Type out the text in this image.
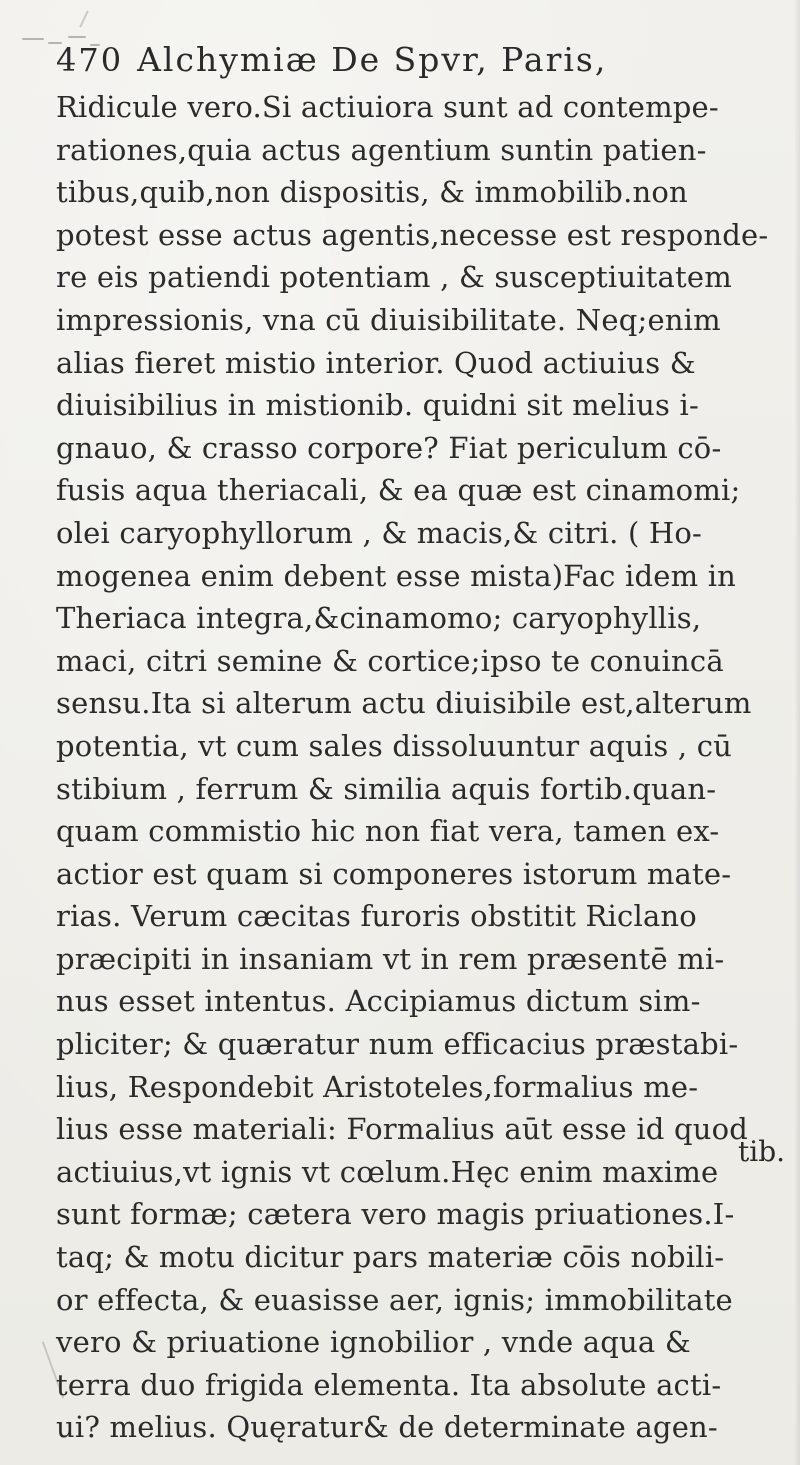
470 Alchymiæ De Spvr, Paris,
Ridicule vero.Si actiuiora sunt ad contempe-
rationes,quia actus agentium suntin patien-
tibus,quib,non dispositis, & immobilib.non
potest esse actus agentis,necesse est responde-
re eis patiendi potentiam , & susceptiuitatem
impressionis, vna cū diuisibilitate. Neq;enim
alias fieret mistio interior. Quod actiuius &
diuisibilius in mistionib. quidni sit melius i-
gnauo, & crasso corpore? Fiat periculum cō-
fusis aqua theriacali, & ea quæ est cinamomi;
olei caryophyllorum , & macis,& citri. ( Ho-
mogenea enim debent esse mista)Fac idem in
Theriaca integra,&cinamomo; caryophyllis,
maci, citri semine & cortice;ipso te conuincā
sensu.Ita si alterum actu diuisibile est,alterum
potentia, vt cum sales dissoluuntur aquis , cū
stibium , ferrum & similia aquis fortib.quan-
quam commistio hic non fiat vera, tamen ex-
actior est quam si componeres istorum mate-
rias. Verum cæcitas furoris obstitit Riclano
præcipiti in insaniam vt in rem præsentē mi-
nus esset intentus. Accipiamus dictum sim-
pliciter; & quæratur num efficacius præstabi-
lius, Respondebit Aristoteles,formalius me-
lius esse materiali: Formalius aūt esse id quod
actiuius,vt ignis vt cœlum.Hęc enim maxime
sunt formæ; cætera vero magis priuationes.I-
taq; & motu dicitur pars materiæ cōis nobili-
or effecta, & euasisse aer, ignis; immobilitate
vero & priuatione ignobilior , vnde aqua &
terra duo frigida elementa. Ita absolute acti-
ui? melius. Quęratur& de determinate agen-
tib.
